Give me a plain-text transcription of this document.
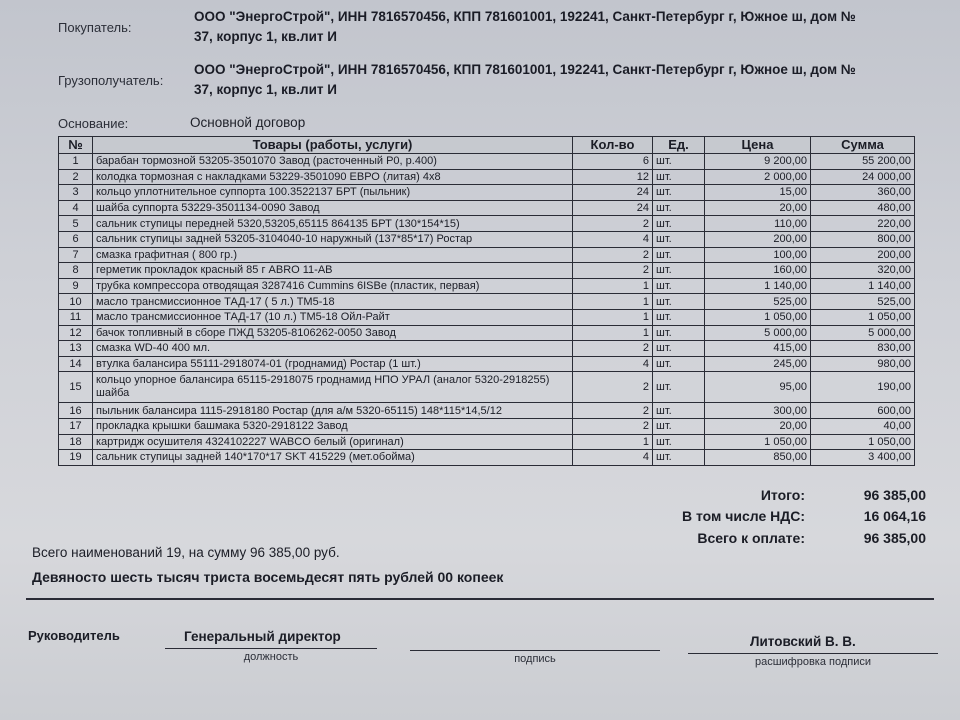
Покупатель:
ООО "ЭнергоСтрой", ИНН 7816570456, КПП 781601001, 192241, Санкт-Петербург г, Южное ш, дом №
37, корпус 1, кв.лит И
Грузополучатель:
ООО "ЭнергоСтрой", ИНН 7816570456, КПП 781601001, 192241, Санкт-Петербург г, Южное ш, дом №
37, корпус 1, кв.лит И
Основание:	Основной договор
№	Товары (работы, услуги)	Кол-во	Ед.	Цена	Сумма
1	барабан тормозной 53205-3501070 Завод (расточенный Р0, р.400)	6	шт.	9 200,00	55 200,00
2	колодка тормозная с накладками 53229-3501090 ЕВРО (литая) 4х8	12	шт.	2 000,00	24 000,00
3	кольцо уплотнительное суппорта 100.3522137 БРТ (пыльник)	24	шт.	15,00	360,00
4	шайба суппорта 53229-3501134-0090 Завод	24	шт.	20,00	480,00
5	сальник ступицы передней 5320,53205,65115 864135 БРТ (130*154*15)	2	шт.	110,00	220,00
6	сальник ступицы задней 53205-3104040-10 наружный (137*85*17) Ростар	4	шт.	200,00	800,00
7	смазка графитная ( 800 гр.)	2	шт.	100,00	200,00
8	герметик прокладок красный 85 г ABRO 11-AB	2	шт.	160,00	320,00
9	трубка компрессора отводящая 3287416 Cummins 6ISBe (пластик, первая)	1	шт.	1 140,00	1 140,00
10	масло трансмиссионное ТАД-17 ( 5 л.) ТМ5-18	1	шт.	525,00	525,00
11	масло трансмиссионное ТАД-17 (10 л.) ТМ5-18 Ойл-Райт	1	шт.	1 050,00	1 050,00
12	бачок топливный в сборе ПЖД 53205-8106262-0050 Завод	1	шт.	5 000,00	5 000,00
13	смазка WD-40 400 мл.	2	шт.	415,00	830,00
14	втулка балансира 55111-2918074-01 (гроднамид) Ростар (1 шт.)	4	шт.	245,00	980,00
15	кольцо упорное балансира 65115-2918075 гроднамид НПО УРАЛ (аналог 5320-2918255) шайба	2	шт.	95,00	190,00
16	пыльник балансира 1115-2918180 Ростар (для а/м 5320-65115) 148*115*14,5/12	2	шт.	300,00	600,00
17	прокладка крышки башмака 5320-2918122 Завод	2	шт.	20,00	40,00
18	картридж осушителя 4324102227 WABCO белый (оригинал)	1	шт.	1 050,00	1 050,00
19	сальник ступицы задней 140*170*17 SKT 415229 (мет.обойма)	4	шт.	850,00	3 400,00
Итого:	96 385,00
В том числе НДС:	16 064,16
Всего к оплате:	96 385,00
Всего наименований 19, на сумму 96 385,00 руб.
Девяносто шесть тысяч триста восемьдесят пять рублей 00 копеек
Руководитель	Генеральный директор
должность	подпись
Литовский В. В.
расшифровка подписи
